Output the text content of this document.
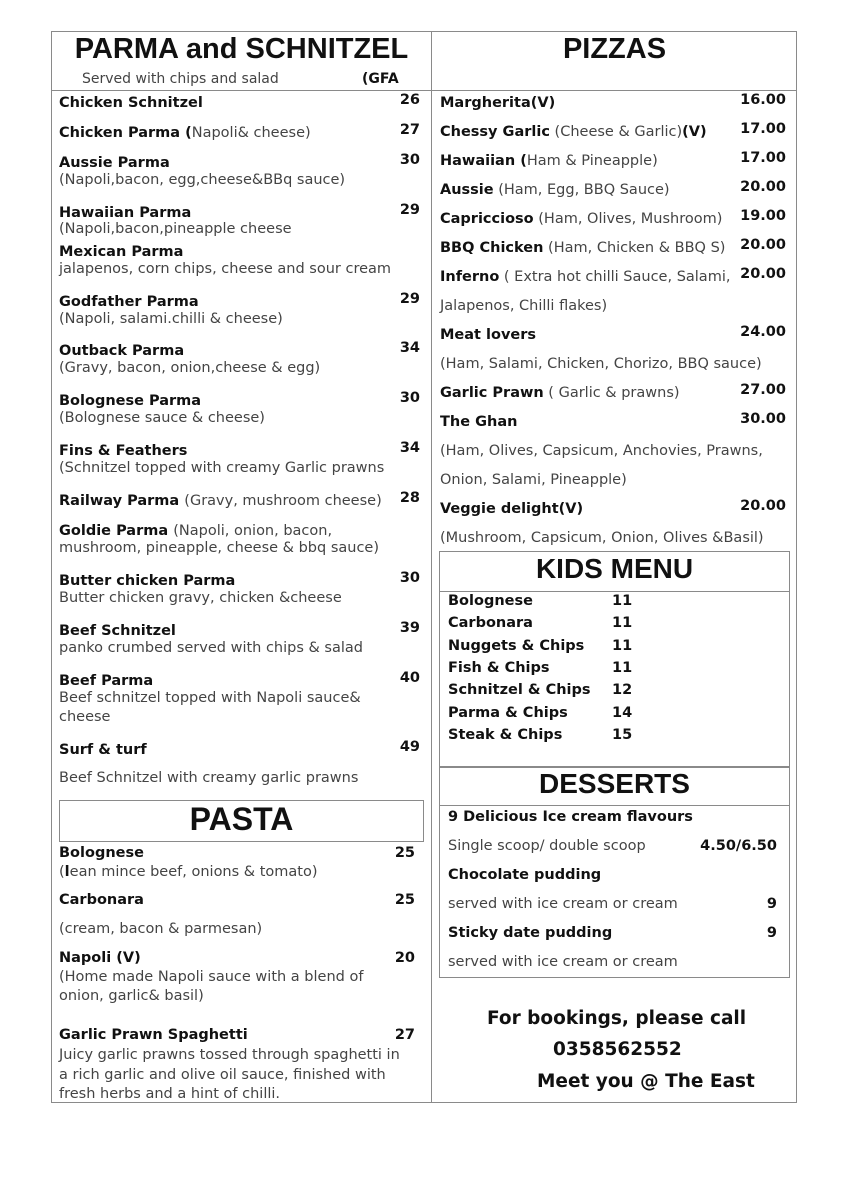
PARMA and SCHNITZEL
Served with chips and salad	(GFA
Chicken Schnitzel	26
Chicken Parma (Napoli& cheese)	27
Aussie Parma	30
(Napoli,bacon, egg,cheese&BBq sauce)
Hawaiian Parma	29
(Napoli,bacon,pineapple cheese
Mexican Parma
jalapenos, corn chips, cheese and sour cream
Godfather Parma	29
(Napoli, salami.chilli & cheese)
Outback Parma	34
(Gravy, bacon, onion,cheese & egg)
Bolognese Parma	30
(Bolognese sauce & cheese)
Fins & Feathers	34
(Schnitzel topped with creamy Garlic prawns
Railway Parma (Gravy, mushroom cheese)	28
Goldie Parma (Napoli, onion, bacon,
mushroom, pineapple, cheese & bbq sauce)
Butter chicken Parma	30
Butter chicken gravy, chicken &cheese
Beef Schnitzel	39
panko crumbed served with chips & salad
Beef Parma	40
Beef schnitzel topped with Napoli sauce&
cheese
Surf & turf	49
Beef Schnitzel with creamy garlic prawns
PASTA
Bolognese	25
(lean mince beef, onions & tomato)
Carbonara	25
(cream, bacon & parmesan)
Napoli (V)	20
(Home made Napoli sauce with a blend of
onion, garlic& basil)
Garlic Prawn Spaghetti	27
Juicy garlic prawns tossed through spaghetti in
a rich garlic and olive oil sauce, finished with
fresh herbs and a hint of chilli.
PIZZAS
Margherita(V)	16.00
Chessy Garlic (Cheese & Garlic)(V)	17.00
Hawaiian (Ham & Pineapple)	17.00
Aussie (Ham, Egg, BBQ Sauce)	20.00
Capriccioso (Ham, Olives, Mushroom)	19.00
BBQ Chicken (Ham, Chicken & BBQ S)	20.00
Inferno ( Extra hot chilli Sauce, Salami, 20.00
Jalapenos, Chilli flakes)
Meat lovers	24.00
(Ham, Salami, Chicken, Chorizo, BBQ sauce)
Garlic Prawn ( Garlic & prawns)	27.00
The Ghan	30.00
(Ham, Olives, Capsicum, Anchovies, Prawns,
Onion, Salami, Pineapple)
Veggie delight(V)	20.00
(Mushroom, Capsicum, Onion, Olives &Basil)
KIDS MENU
Bolognese	11
Carbonara	11
Nuggets & Chips 11
Fish & Chips	11
Schnitzel & Chips 12
Parma & Chips	14
Steak & Chips	15
DESSERTS
9 Delicious Ice cream flavours
Single scoop/ double scoop	4.50/6.50
Chocolate pudding
served with ice cream or cream	9
Sticky date pudding	9
served with ice cream or cream
For bookings, please call
0358562552
Meet you @ The East
